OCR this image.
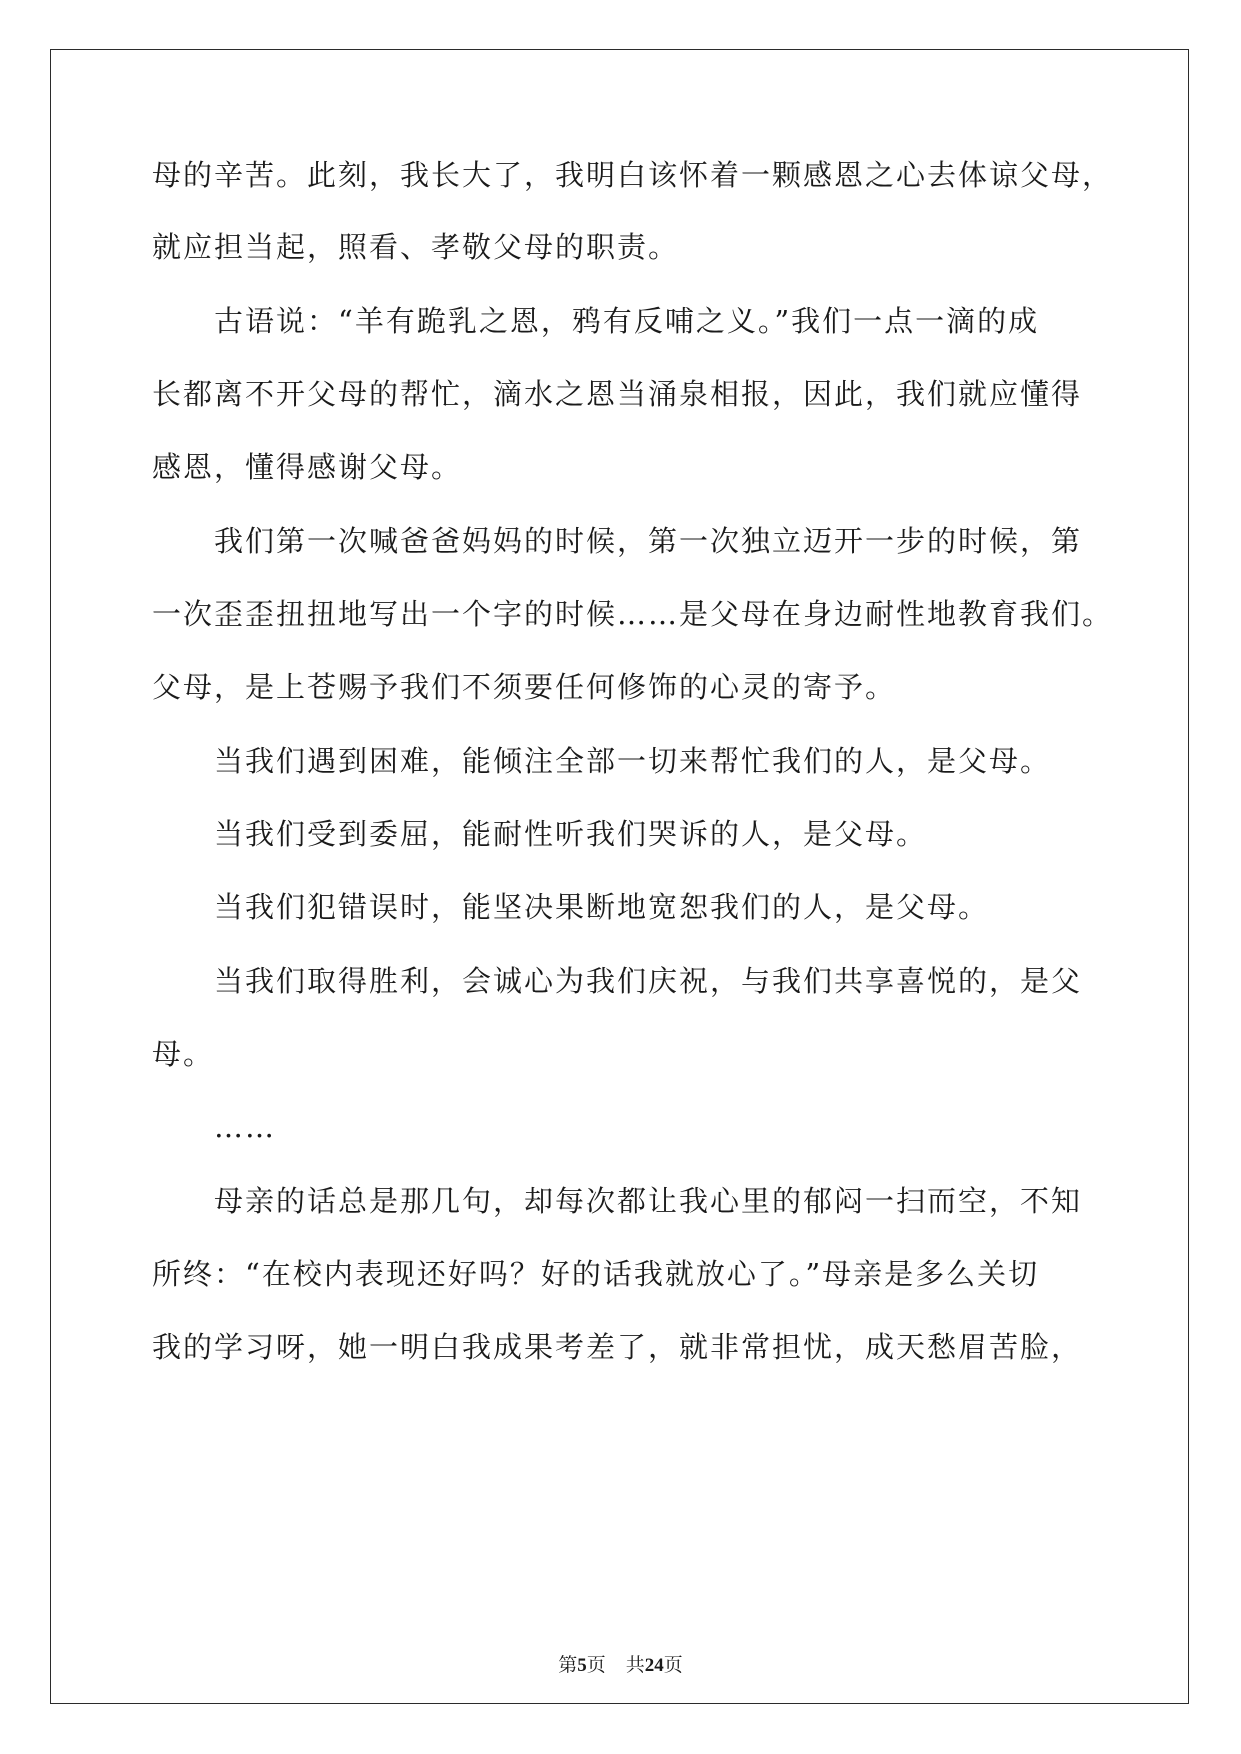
母的辛苦。此刻，我长大了，我明白该怀着一颗感恩之心去体谅父母，
就应担当起，照看、孝敬父母的职责。
　　古语说：“羊有跪乳之恩，鸦有反哺之义。”我们一点一滴的成
长都离不开父母的帮忙，滴水之恩当涌泉相报，因此，我们就应懂得
感恩，懂得感谢父母。
　　我们第一次喊爸爸妈妈的时候，第一次独立迈开一步的时候，第
一次歪歪扭扭地写出一个字的时候……是父母在身边耐性地教育我们。
父母，是上苍赐予我们不须要任何修饰的心灵的寄予。
　　当我们遇到困难，能倾注全部一切来帮忙我们的人，是父母。
　　当我们受到委屈，能耐性听我们哭诉的人，是父母。
　　当我们犯错误时，能坚决果断地宽恕我们的人，是父母。
　　当我们取得胜利，会诚心为我们庆祝，与我们共享喜悦的，是父
母。
　　……
　　母亲的话总是那几句，却每次都让我心里的郁闷一扫而空，不知
所终：“在校内表现还好吗？好的话我就放心了。”母亲是多么关切
我的学习呀，她一明白我成果考差了，就非常担忧，成天愁眉苦脸，
第5页 共24页
